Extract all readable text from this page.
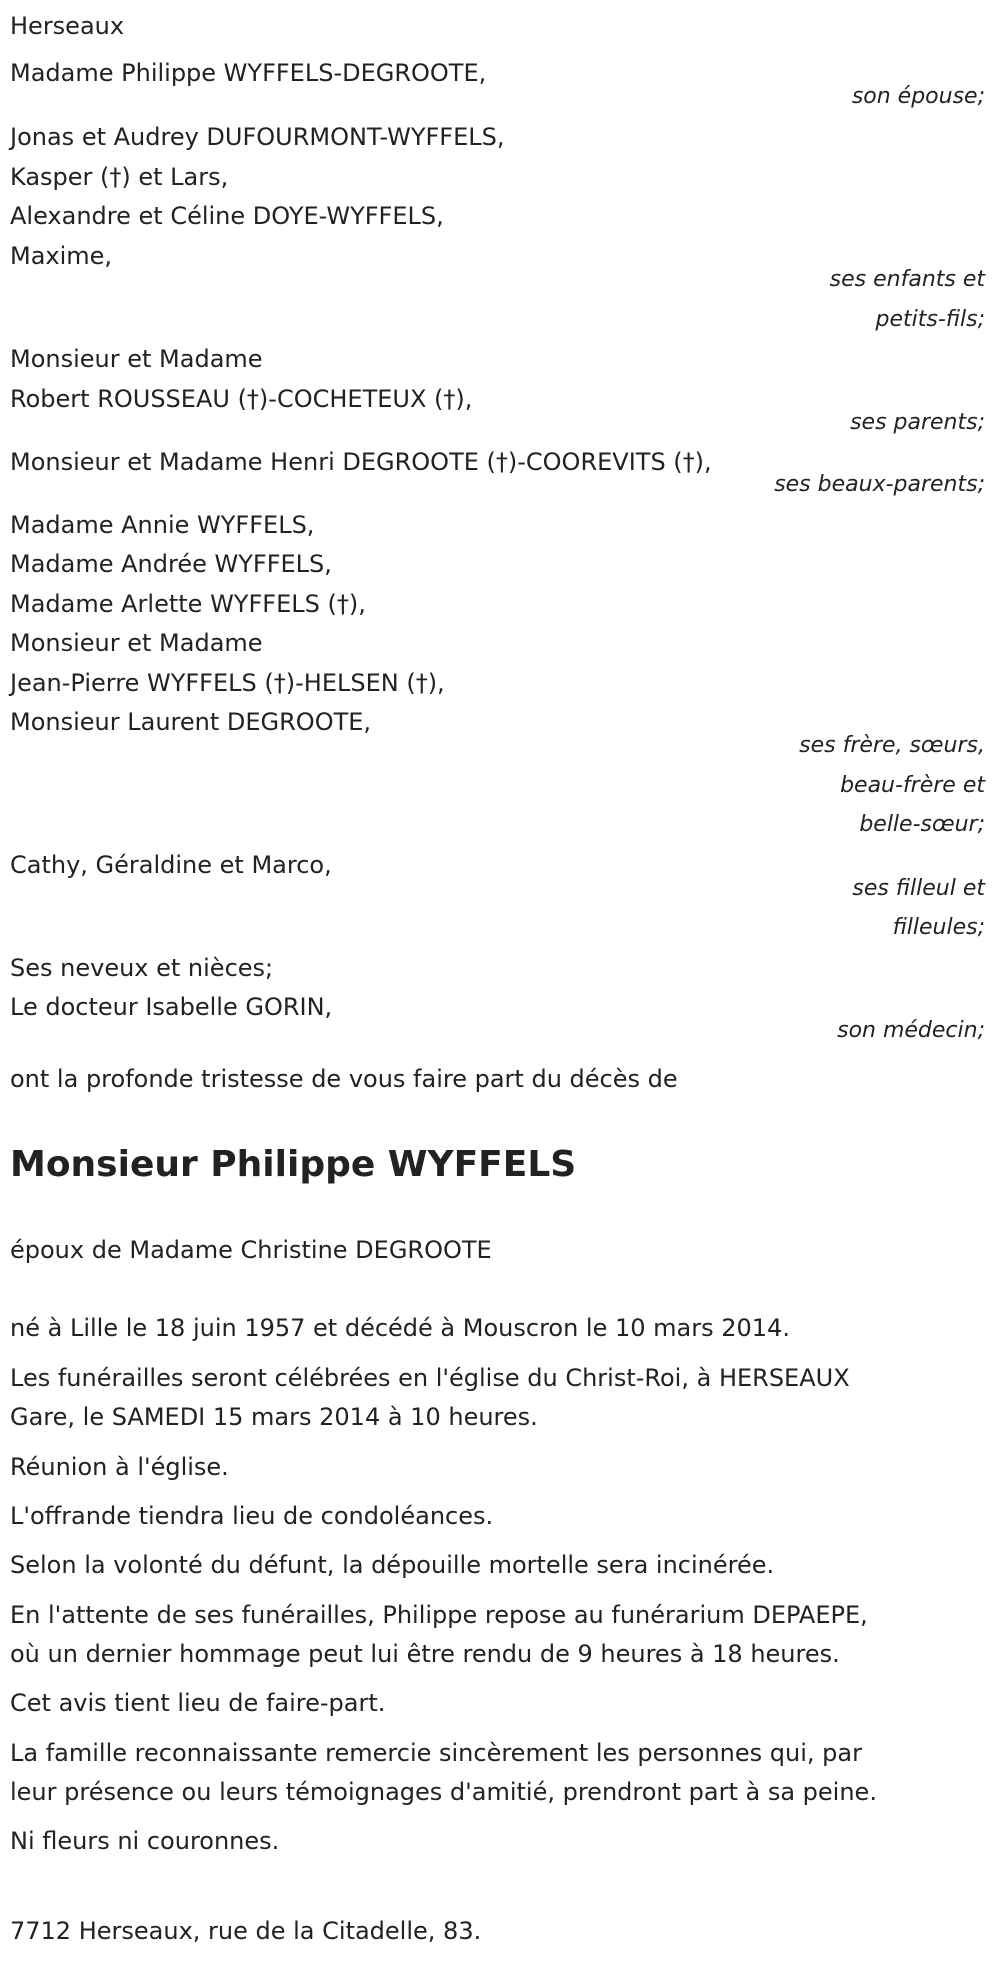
Herseaux
Madame Philippe WYFFELS-DEGROOTE,
son épouse;
Jonas et Audrey DUFOURMONT-WYFFELS,
Kasper (†) et Lars,
Alexandre et Céline DOYE-WYFFELS,
Maxime,
ses enfants et
petits-fils;
Monsieur et Madame
Robert ROUSSEAU (†)-COCHETEUX (†),
ses parents;
Monsieur et Madame Henri DEGROOTE (†)-COOREVITS (†),
ses beaux-parents;
Madame Annie WYFFELS,
Madame Andrée WYFFELS,
Madame Arlette WYFFELS (†),
Monsieur et Madame
Jean-Pierre WYFFELS (†)-HELSEN (†),
Monsieur Laurent DEGROOTE,
ses frère, sœurs,
beau-frère et
belle-sœur;
Cathy, Géraldine et Marco,
ses filleul et
filleules;
Ses neveux et nièces;
Le docteur Isabelle GORIN,
son médecin;
ont la profonde tristesse de vous faire part du décès de
Monsieur Philippe WYFFELS
époux de Madame Christine DEGROOTE
né à Lille le 18 juin 1957 et décédé à Mouscron le 10 mars 2014.
Les funérailles seront célébrées en l'église du Christ-Roi, à HERSEAUX
Gare, le SAMEDI 15 mars 2014 à 10 heures.
Réunion à l'église.
L'offrande tiendra lieu de condoléances.
Selon la volonté du défunt, la dépouille mortelle sera incinérée.
En l'attente de ses funérailles, Philippe repose au funérarium DEPAEPE,
où un dernier hommage peut lui être rendu de 9 heures à 18 heures.
Cet avis tient lieu de faire-part.
La famille reconnaissante remercie sincèrement les personnes qui, par
leur présence ou leurs témoignages d'amitié, prendront part à sa peine.
Ni fleurs ni couronnes.
7712 Herseaux, rue de la Citadelle, 83.
